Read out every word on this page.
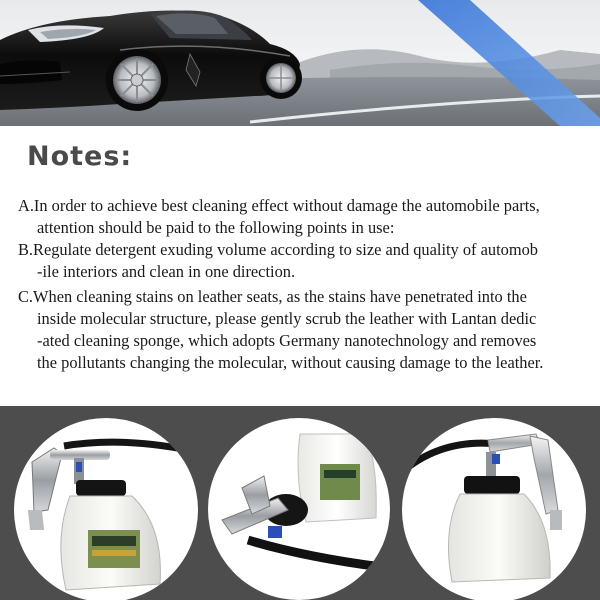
Notes:
A.In order to achieve best cleaning effect without damage the automobile parts,
attention should be paid to the following points in use:
B.Regulate detergent exuding volume according to size and quality of automob
-ile interiors and clean in one direction.
C.When cleaning stains on leather seats, as the stains have penetrated into the
inside molecular structure, please gently scrub the leather with Lantan dedic
-ated cleaning sponge, which adopts Germany nanotechnology and removes
the pollutants changing the molecular, without causing damage to the leather.
